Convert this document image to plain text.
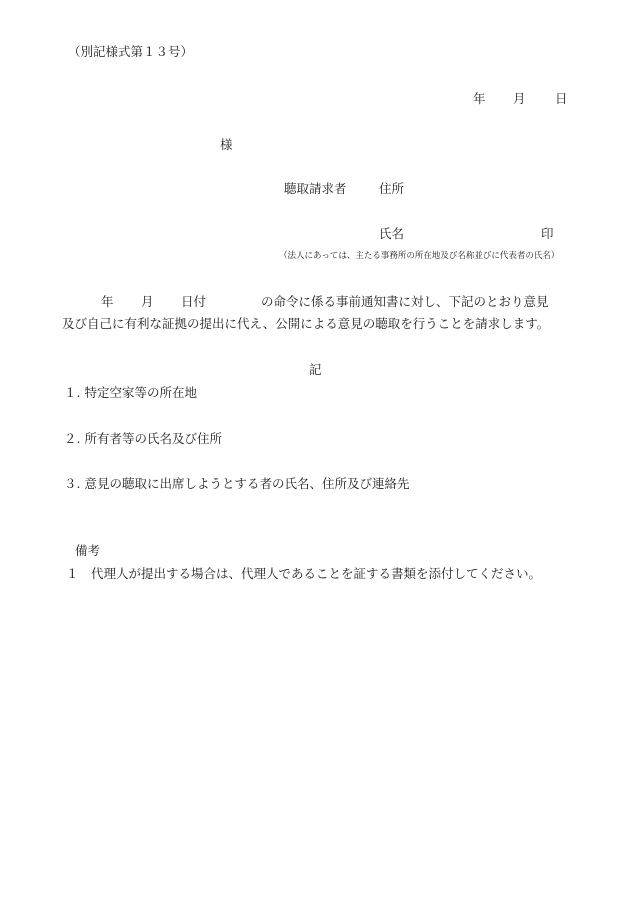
（別記様式第１３号）
年 月 日
様
聴取請求者	住所
氏名	印
（法人にあっては、主たる事務所の所在地及び名称並びに代表者の氏名）
年 月 日付	の命令に係る事前通知書に対し、下記のとおり意見
及び自己に有利な証拠の提出に代え、公開による意見の聴取を行うことを請求します。
記
１. 特定空家等の所在地
２. 所有者等の氏名及び住所
３. 意見の聴取に出席しようとする者の氏名、住所及び連絡先
備考
１ 代理人が提出する場合は、代理人であることを証する書類を添付してください。
